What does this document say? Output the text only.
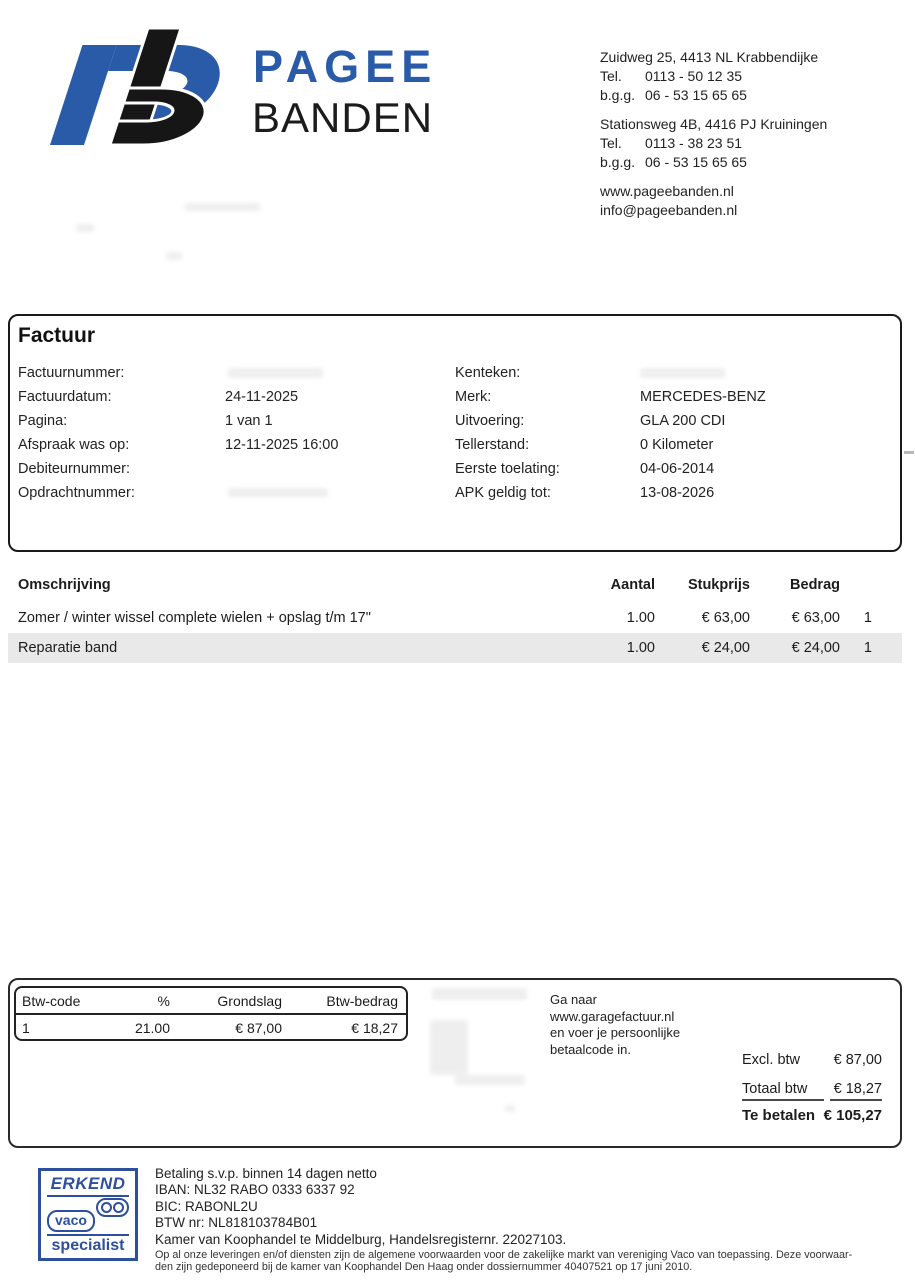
PAGEE
BANDEN
Zuidweg 25, 4413 NL Krabbendijke
Tel. 0113 - 50 12 35
b.g.g. 06 - 53 15 65 65
Stationsweg 4B, 4416 PJ Kruiningen
Tel. 0113 - 38 23 51
b.g.g. 06 - 53 15 65 65
www.pageebanden.nl
info@pageebanden.nl
Factuur
Factuurnummer:
Factuurdatum:	24-11-2025
Pagina:	1 van 1
Afspraak was op:	12-11-2025 16:00
Debiteurnummer:
Opdrachtnummer:
Kenteken:
Merk:	MERCEDES-BENZ
Uitvoering:	GLA 200 CDI
Tellerstand:	0 Kilometer
Eerste toelating:	04-06-2014
APK geldig tot:	13-08-2026
Omschrijving	Aantal	Stukprijs	Bedrag
Zomer / winter wissel complete wielen + opslag t/m 17"	1.00	€ 63,00	€ 63,00	1
Reparatie band	1.00	€ 24,00	€ 24,00	1
Btw-code	%	Grondslag	Btw-bedrag
1	21.00	€ 87,00	€ 18,27
Ga naar
www.garagefactuur.nl
en voer je persoonlijke
betaalcode in.
Excl. btw € 87,00
Totaal btw € 18,27
Te betalen € 105,27
ERKEND
vaco
specialist
Betaling s.v.p. binnen 14 dagen netto
IBAN: NL32 RABO 0333 6337 92
BIC: RABONL2U
BTW nr: NL818103784B01
Kamer van Koophandel te Middelburg, Handelsregisternr. 22027103.
Op al onze leveringen en/of diensten zijn de algemene voorwaarden voor de zakelijke markt van vereniging Vaco van toepassing. Deze voorwaar-
den zijn gedeponeerd bij de kamer van Koophandel Den Haag onder dossiernummer 40407521 op 17 juni 2010.
